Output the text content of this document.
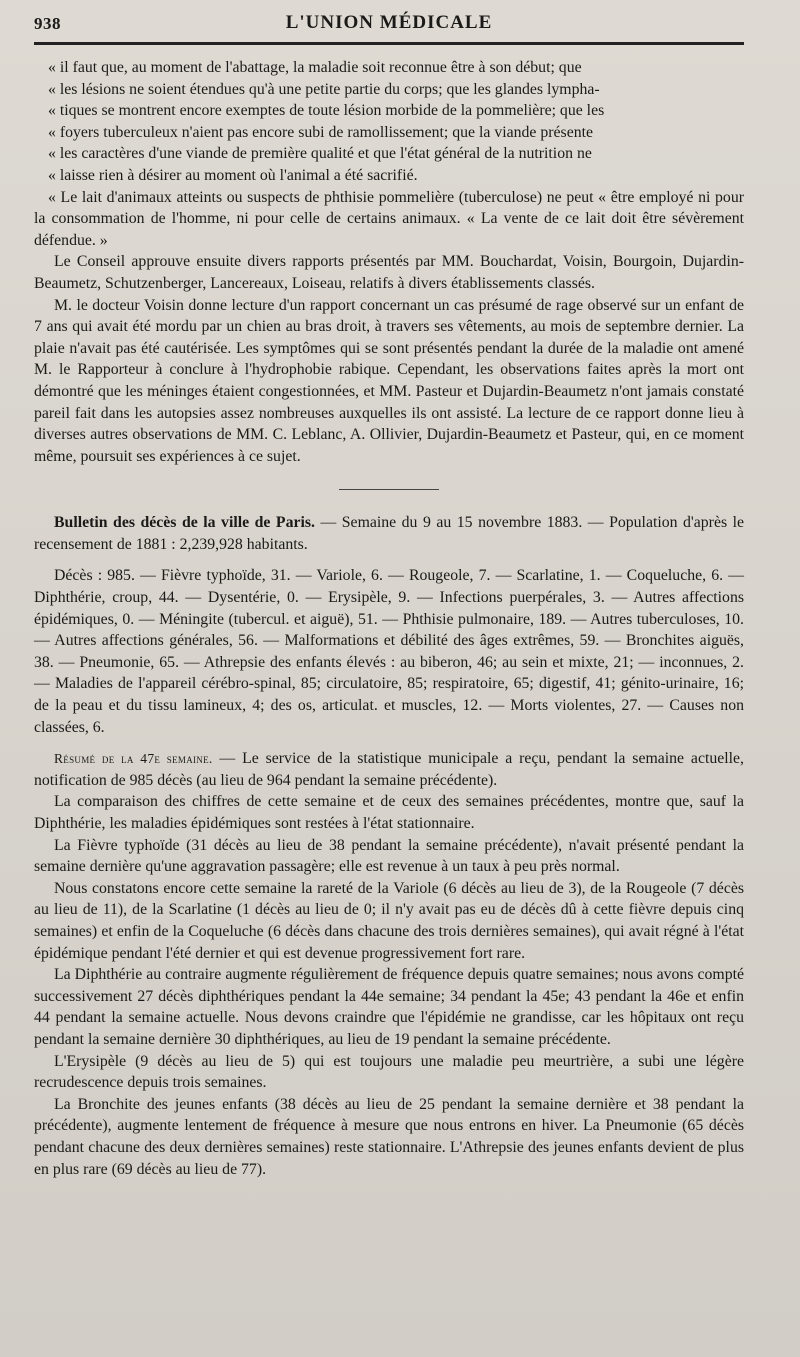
938	L'UNION MÉDICALE
« il faut que, au moment de l'abattage, la maladie soit reconnue être à son début; que
« les lésions ne soient étendues qu'à une petite partie du corps; que les glandes lympha-
« tiques se montrent encore exemptes de toute lésion morbide de la pommelière; que les
« foyers tuberculeux n'aient pas encore subi de ramollissement; que la viande présente
« les caractères d'une viande de première qualité et que l'état général de la nutrition ne
« laisse rien à désirer au moment où l'animal a été sacrifié.

« Le lait d'animaux atteints ou suspects de phthisie pommelière (tuberculose) ne peut « être employé ni pour la consommation de l'homme, ni pour celle de certains animaux. « La vente de ce lait doit être sévèrement défendue. »

Le Conseil approuve ensuite divers rapports présentés par MM. Bouchardat, Voisin, Bourgoin, Dujardin-Beaumetz, Schutzenberger, Lancereaux, Loiseau, relatifs à divers établissements classés.

M. le docteur Voisin donne lecture d'un rapport concernant un cas présumé de rage observé sur un enfant de 7 ans qui avait été mordu par un chien au bras droit, à travers ses vêtements, au mois de septembre dernier. La plaie n'avait pas été cautérisée. Les symptômes qui se sont présentés pendant la durée de la maladie ont amené M. le Rapporteur à conclure à l'hydrophobie rabique. Cependant, les observations faites après la mort ont démontré que les méninges étaient congestionnées, et MM. Pasteur et Dujardin-Beaumetz n'ont jamais constaté pareil fait dans les autopsies assez nombreuses auxquelles ils ont assisté. La lecture de ce rapport donne lieu à diverses autres observations de MM. C. Leblanc, A. Ollivier, Dujardin-Beaumetz et Pasteur, qui, en ce moment même, poursuit ses expériences à ce sujet.

Bulletin des décès de la ville de Paris. — Semaine du 9 au 15 novembre 1883. — Population d'après le recensement de 1881 : 2,239,928 habitants.

Décès : 985. — Fièvre typhoïde, 31. — Variole, 6. — Rougeole, 7. — Scarlatine, 1. — Coqueluche, 6. — Diphthérie, croup, 44. — Dysentérie, 0. — Erysipèle, 9. — Infections puerpérales, 3. — Autres affections épidémiques, 0. — Méningite (tubercul. et aiguë), 51. — Phthisie pulmonaire, 189. — Autres tuberculoses, 10. — Autres affections générales, 56. — Malformations et débilité des âges extrêmes, 59. — Bronchites aiguës, 38. — Pneumonie, 65. — Athrepsie des enfants élevés : au biberon, 46; au sein et mixte, 21; — inconnues, 2. — Maladies de l'appareil cérébro-spinal, 85; circulatoire, 85; respiratoire, 65; digestif, 41; génito-urinaire, 16; de la peau et du tissu lamineux, 4; des os, articulat. et muscles, 12. — Morts violentes, 27. — Causes non classées, 6.

Résumé de la 47e semaine. — Le service de la statistique municipale a reçu, pendant la semaine actuelle, notification de 985 décès (au lieu de 964 pendant la semaine précédente).

La comparaison des chiffres de cette semaine et de ceux des semaines précédentes, montre que, sauf la Diphthérie, les maladies épidémiques sont restées à l'état stationnaire.

La Fièvre typhoïde (31 décès au lieu de 38 pendant la semaine précédente), n'avait présenté pendant la semaine dernière qu'une aggravation passagère; elle est revenue à un taux à peu près normal.

Nous constatons encore cette semaine la rareté de la Variole (6 décès au lieu de 3), de la Rougeole (7 décès au lieu de 11), de la Scarlatine (1 décès au lieu de 0; il n'y avait pas eu de décès dû à cette fièvre depuis cinq semaines) et enfin de la Coqueluche (6 décès dans chacune des trois dernières semaines), qui avait régné à l'état épidémique pendant l'été dernier et qui est devenue progressivement fort rare.

La Diphthérie au contraire augmente régulièrement de fréquence depuis quatre semaines; nous avons compté successivement 27 décès diphthériques pendant la 44e semaine; 34 pendant la 45e; 43 pendant la 46e et enfin 44 pendant la semaine actuelle. Nous devons craindre que l'épidémie ne grandisse, car les hôpitaux ont reçu pendant la semaine dernière 30 diphthériques, au lieu de 19 pendant la semaine précédente.

L'Erysipèle (9 décès au lieu de 5) qui est toujours une maladie peu meurtrière, a subi une légère recrudescence depuis trois semaines.

La Bronchite des jeunes enfants (38 décès au lieu de 25 pendant la semaine dernière et 38 pendant la précédente), augmente lentement de fréquence à mesure que nous entrons en hiver. La Pneumonie (65 décès pendant chacune des deux dernières semaines) reste stationnaire. L'Athrepsie des jeunes enfants devient de plus en plus rare (69 décès au lieu de 77).
